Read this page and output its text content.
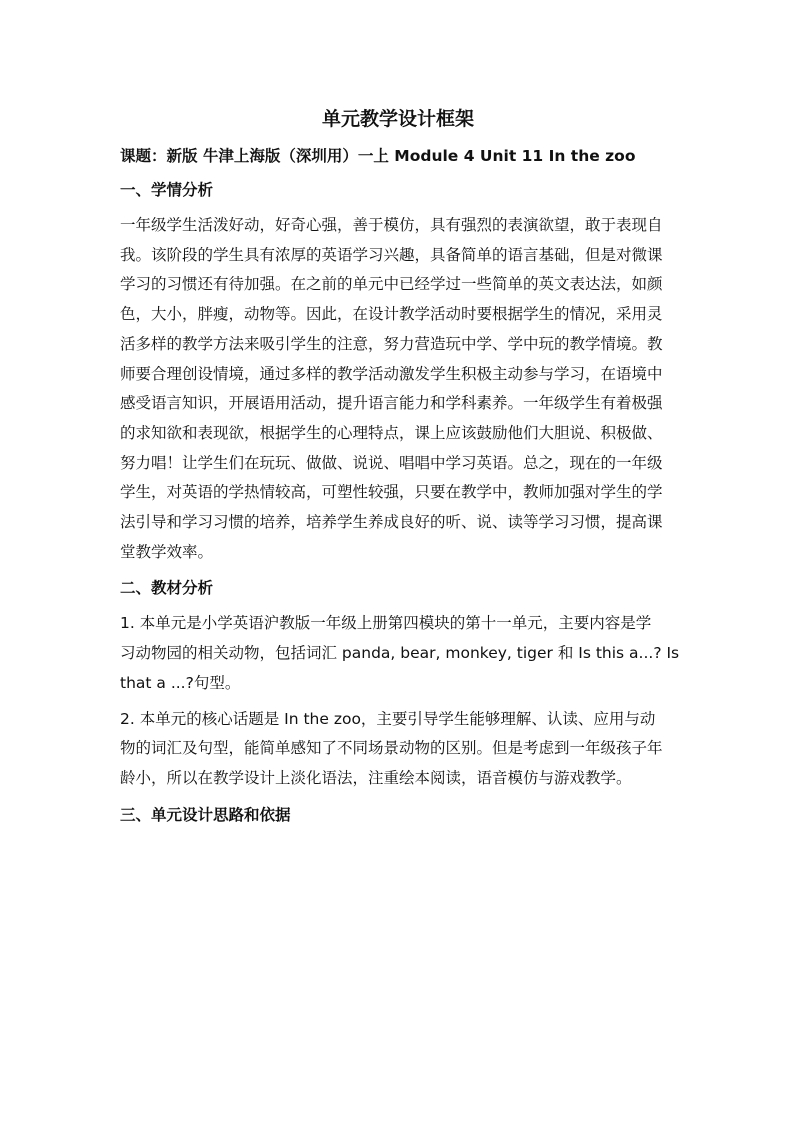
单元教学设计框架
课题：新版 牛津上海版（深圳用）一上 Module 4 Unit 11 In the zoo
一、学情分析
一年级学生活泼好动，好奇心强，善于模仿，具有强烈的表演欲望，敢于表现自
我。该阶段的学生具有浓厚的英语学习兴趣，具备简单的语言基础，但是对微课
学习的习惯还有待加强。在之前的单元中已经学过一些简单的英文表达法，如颜
色，大小，胖瘦，动物等。因此，在设计教学活动时要根据学生的情况，采用灵
活多样的教学方法来吸引学生的注意，努力营造玩中学、学中玩的教学情境。教
师要合理创设情境，通过多样的教学活动激发学生积极主动参与学习，在语境中
感受语言知识，开展语用活动，提升语言能力和学科素养。一年级学生有着极强
的求知欲和表现欲，根据学生的心理特点，课上应该鼓励他们大胆说、积极做、
努力唱！让学生们在玩玩、做做、说说、唱唱中学习英语。总之，现在的一年级
学生，对英语的学热情较高，可塑性较强，只要在教学中，教师加强对学生的学
法引导和学习习惯的培养，培养学生养成良好的听、说、读等学习习惯，提高课
堂教学效率。
二、教材分析
1. 本单元是小学英语沪教版一年级上册第四模块的第十一单元，主要内容是学
习动物园的相关动物，包括词汇 panda, bear, monkey, tiger 和 Is this a...? Is
that a ...?句型。
2. 本单元的核心话题是 In the zoo，主要引导学生能够理解、认读、应用与动
物的词汇及句型，能简单感知了不同场景动物的区别。但是考虑到一年级孩子年
龄小，所以在教学设计上淡化语法，注重绘本阅读，语音模仿与游戏教学。
三、单元设计思路和依据
